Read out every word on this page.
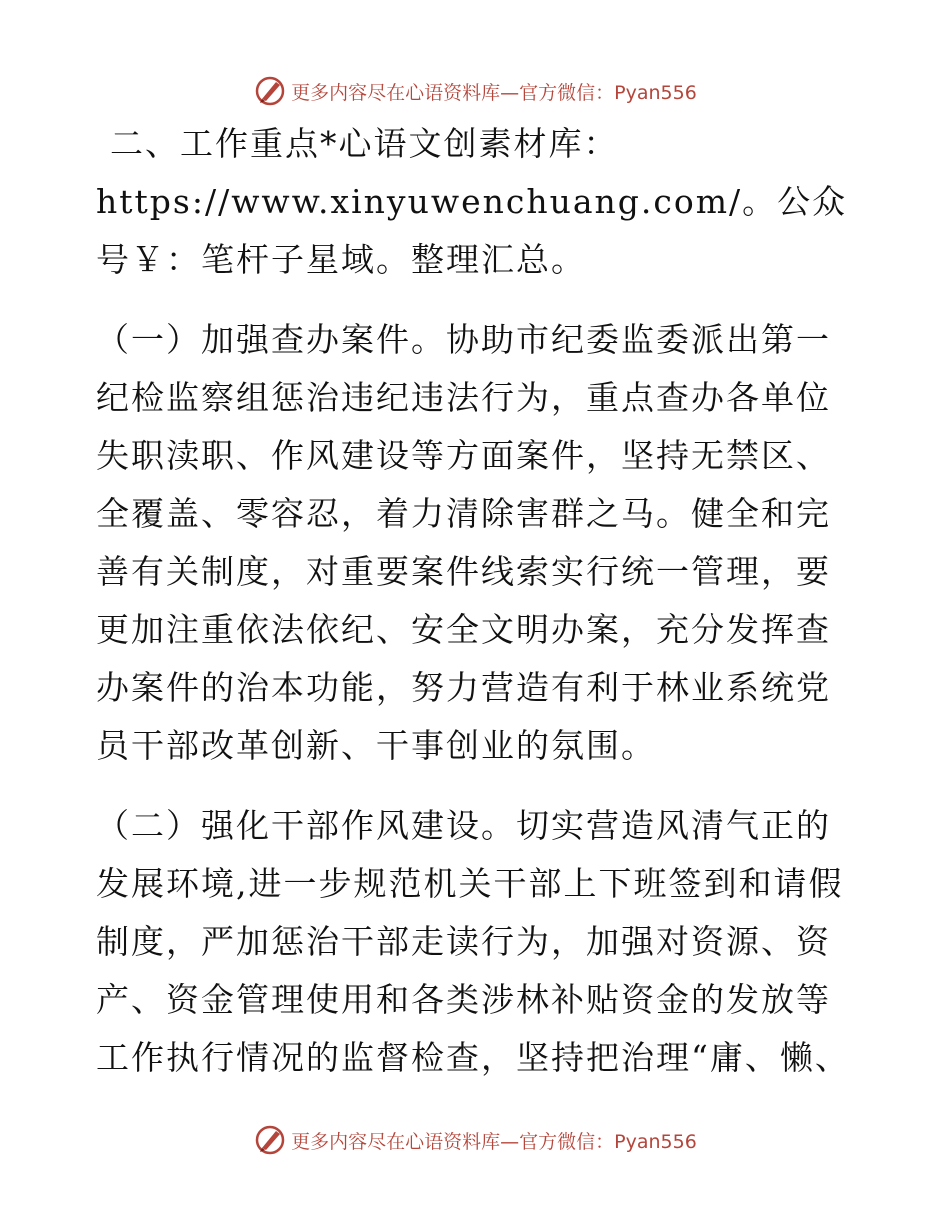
更多内容尽在心语资料库—官方微信：Pyan556

二、工作重点*心语文创素材库：https://www.xinyuwenchuang.com/。公众号￥：笔杆子星域。整理汇总。

（一）加强查办案件。协助市纪委监委派出第一纪检监察组惩治违纪违法行为，重点查办各单位失职渎职、作风建设等方面案件，坚持无禁区、全覆盖、零容忍，着力清除害群之马。健全和完善有关制度，对重要案件线索实行统一管理，要更加注重依法依纪、安全文明办案，充分发挥查办案件的治本功能，努力营造有利于林业系统党员干部改革创新、干事创业的氛围。

（二）强化干部作风建设。切实营造风清气正的发展环境,进一步规范机关干部上下班签到和请假制度，严加惩治干部走读行为，加强对资源、资产、资金管理使用和各类涉林补贴资金的发放等工作执行情况的监督检查，坚持把治理“庸、懒、

更多内容尽在心语资料库—官方微信：Pyan556
